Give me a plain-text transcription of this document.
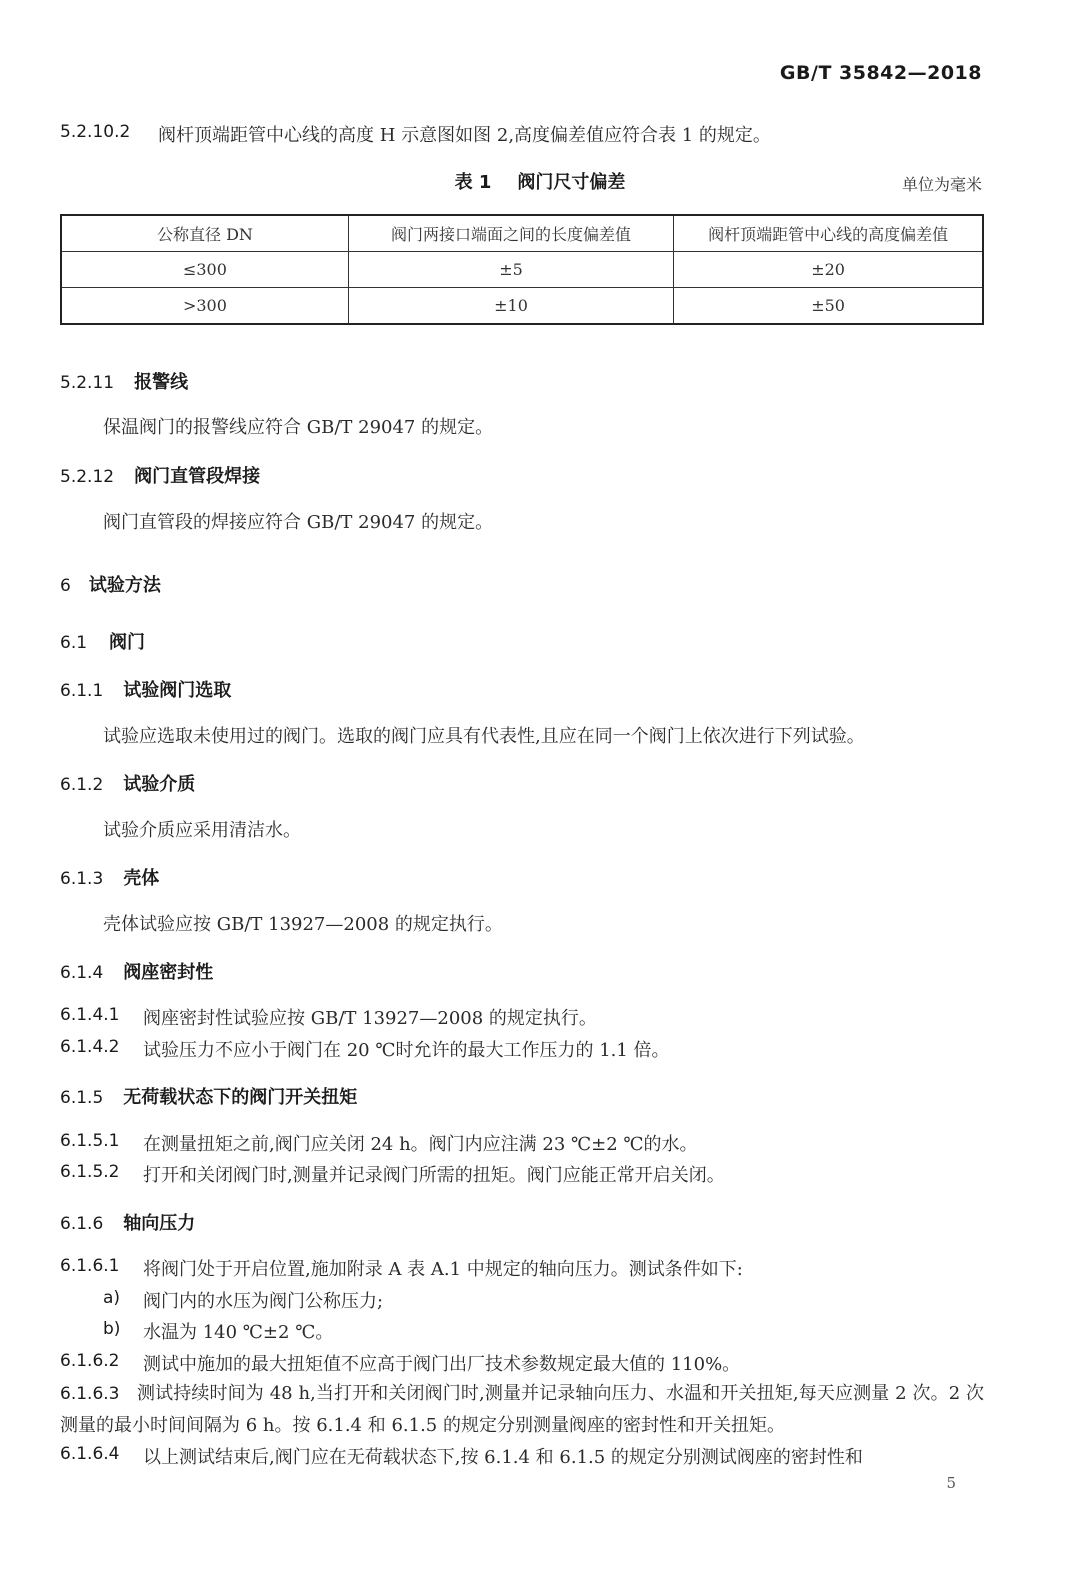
GB/T 35842—2018
5.2.10.2 阀杆顶端距管中心线的高度 H 示意图如图 2,高度偏差值应符合表 1 的规定。
表 1 阀门尺寸偏差	单位为毫米
公称直径 DN	阀门两接口端面之间的长度偏差值	阀杆顶端距管中心线的高度偏差值
≤300	±5	±20
>300	±10	±50
5.2.11 报警线
保温阀门的报警线应符合 GB/T 29047 的规定。
5.2.12 阀门直管段焊接
阀门直管段的焊接应符合 GB/T 29047 的规定。
6 试验方法
6.1 阀门
6.1.1 试验阀门选取
试验应选取未使用过的阀门。选取的阀门应具有代表性,且应在同一个阀门上依次进行下列试验。
6.1.2 试验介质
试验介质应采用清洁水。
6.1.3 壳体
壳体试验应按 GB/T 13927—2008 的规定执行。
6.1.4 阀座密封性
6.1.4.1 阀座密封性试验应按 GB/T 13927—2008 的规定执行。
6.1.4.2 试验压力不应小于阀门在 20 ℃时允许的最大工作压力的 1.1 倍。
6.1.5 无荷载状态下的阀门开关扭矩
6.1.5.1 在测量扭矩之前,阀门应关闭 24 h。阀门内应注满 23 ℃±2 ℃的水。
6.1.5.2 打开和关闭阀门时,测量并记录阀门所需的扭矩。阀门应能正常开启关闭。
6.1.6 轴向压力
6.1.6.1 将阀门处于开启位置,施加附录 A 表 A.1 中规定的轴向压力。测试条件如下:
a) 阀门内的水压为阀门公称压力;
b) 水温为 140 ℃±2 ℃。
6.1.6.2 测试中施加的最大扭矩值不应高于阀门出厂技术参数规定最大值的 110%。
6.1.6.3 测试持续时间为 48 h,当打开和关闭阀门时,测量并记录轴向压力、水温和开关扭矩,每天应测量 2 次。2 次测量的最小时间间隔为 6 h。按 6.1.4 和 6.1.5 的规定分别测量阀座的密封性和开关扭矩。
6.1.6.4 以上测试结束后,阀门应在无荷载状态下,按 6.1.4 和 6.1.5 的规定分别测试阀座的密封性和
5
